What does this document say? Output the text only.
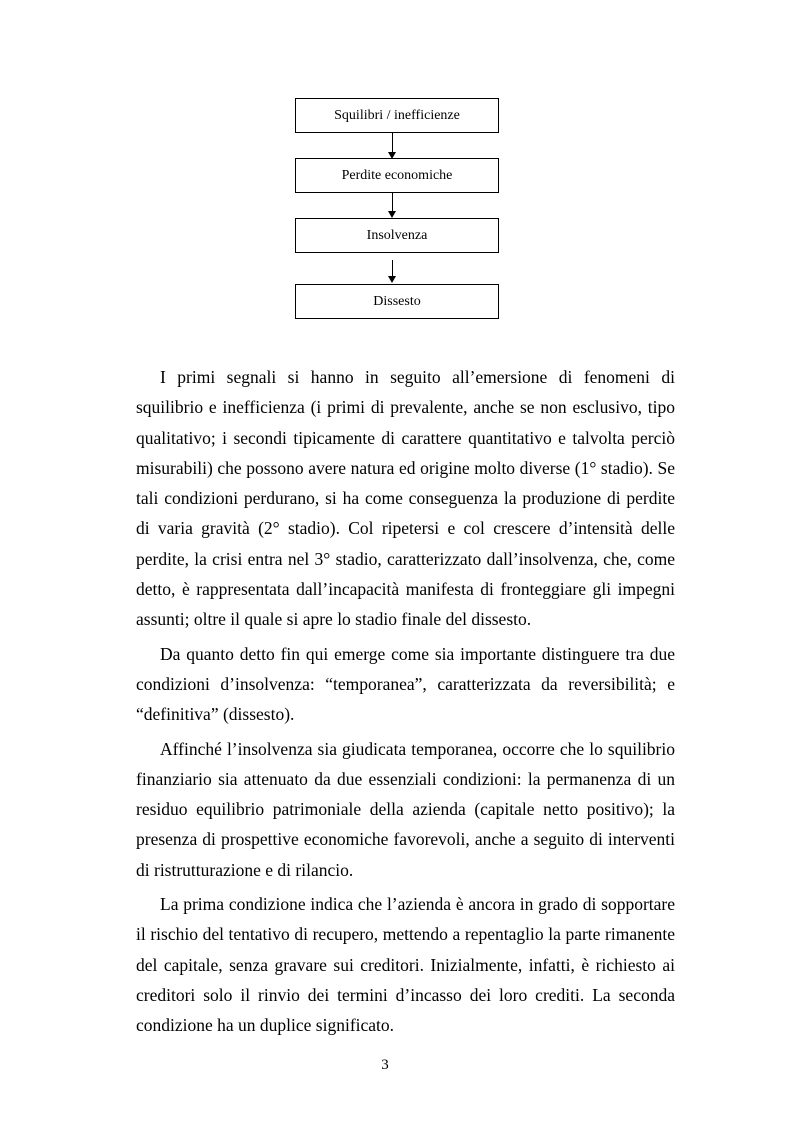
Squilibri / inefficienze
Perdite economiche
Insolvenza
Dissesto

I primi segnali si hanno in seguito all’emersione di fenomeni di squilibrio e inefficienza (i primi di prevalente, anche se non esclusivo, tipo qualitativo; i secondi tipicamente di carattere quantitativo e talvolta perciò misurabili) che possono avere natura ed origine molto diverse (1° stadio). Se tali condizioni perdurano, si ha come conseguenza la produzione di perdite di varia gravità (2° stadio). Col ripetersi e col crescere d’intensità delle perdite, la crisi entra nel 3° stadio, caratterizzato dall’insolvenza, che, come detto, è rappresentata dall’incapacità manifesta di fronteggiare gli impegni assunti; oltre il quale si apre lo stadio finale del dissesto.

Da quanto detto fin qui emerge come sia importante distinguere tra due condizioni d’insolvenza: “temporanea”, caratterizzata da reversibilità; e “definitiva” (dissesto).

Affinché l’insolvenza sia giudicata temporanea, occorre che lo squilibrio finanziario sia attenuato da due essenziali condizioni: la permanenza di un residuo equilibrio patrimoniale della azienda (capitale netto positivo); la presenza di prospettive economiche favorevoli, anche a seguito di interventi di ristrutturazione e di rilancio.

La prima condizione indica che l’azienda è ancora in grado di sopportare il rischio del tentativo di recupero, mettendo a repentaglio la parte rimanente del capitale, senza gravare sui creditori. Inizialmente, infatti, è richiesto ai creditori solo il rinvio dei termini d’incasso dei loro crediti. La seconda condizione ha un duplice significato.

3
